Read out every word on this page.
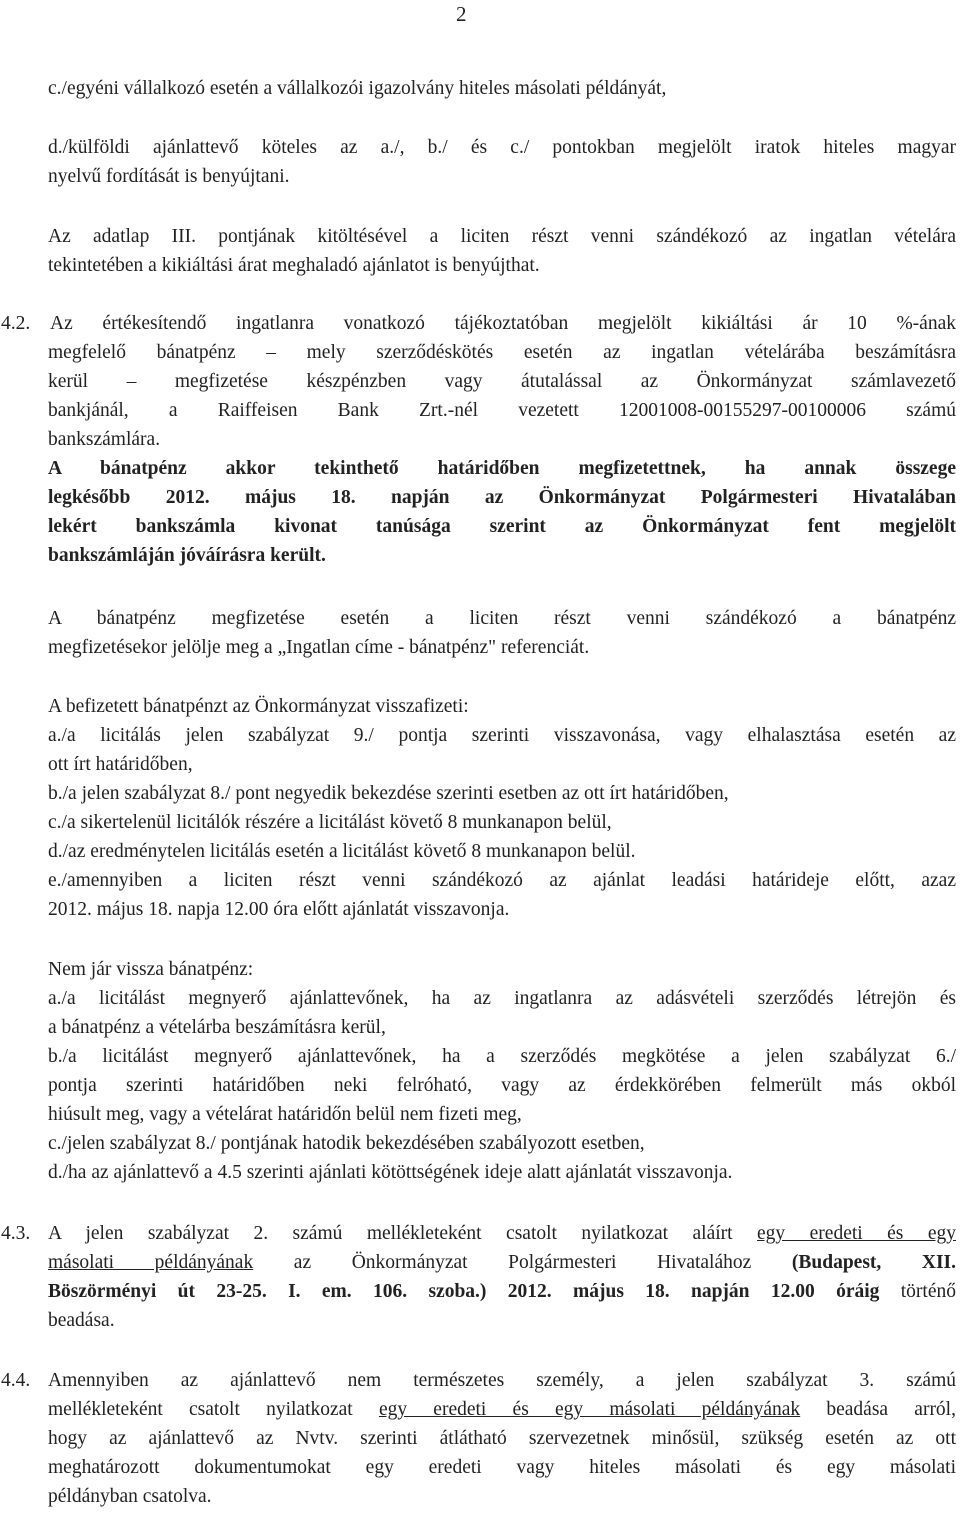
2
c./egyéni vállalkozó esetén a vállalkozói igazolvány hiteles másolati példányát,
d./külföldi ajánlattevő köteles az a./, b./ és c./ pontokban megjelölt iratok hiteles magyar
nyelvű fordítását is benyújtani.
Az adatlap III. pontjának kitöltésével a liciten részt venni szándékozó az ingatlan vételára
tekintetében a kikiáltási árat meghaladó ajánlatot is benyújthat.
4.2. Az értékesítendő ingatlanra vonatkozó tájékoztatóban megjelölt kikiáltási ár 10 %-ának
megfelelő bánatpénz – mely szerződéskötés esetén az ingatlan vételárába beszámításra
kerül – megfizetése készpénzben vagy átutalással az Önkormányzat számlavezető
bankjánál, a Raiffeisen Bank Zrt.-nél vezetett 12001008-00155297-00100006 számú
bankszámlára.
A bánatpénz akkor tekinthető határidőben megfizetettnek, ha annak összege
legkésőbb 2012. május 18. napján az Önkormányzat Polgármesteri Hivatalában
lekért bankszámla kivonat tanúsága szerint az Önkormányzat fent megjelölt
bankszámláján jóváírásra került.
A bánatpénz megfizetése esetén a liciten részt venni szándékozó a bánatpénz
megfizetésekor jelölje meg a „Ingatlan címe - bánatpénz" referenciát.
A befizetett bánatpénzt az Önkormányzat visszafizeti:
a./a licitálás jelen szabályzat 9./ pontja szerinti visszavonása, vagy elhalasztása esetén az
ott írt határidőben,
b./a jelen szabályzat 8./ pont negyedik bekezdése szerinti esetben az ott írt határidőben,
c./a sikertelenül licitálók részére a licitálást követő 8 munkanapon belül,
d./az eredménytelen licitálás esetén a licitálást követő 8 munkanapon belül.
e./amennyiben a liciten részt venni szándékozó az ajánlat leadási határideje előtt, azaz
2012. május 18. napja 12.00 óra előtt ajánlatát visszavonja.
Nem jár vissza bánatpénz:
a./a licitálást megnyerő ajánlattevőnek, ha az ingatlanra az adásvételi szerződés létrejön és
a bánatpénz a vételárba beszámításra kerül,
b./a licitálást megnyerő ajánlattevőnek, ha a szerződés megkötése a jelen szabályzat 6./
pontja szerinti határidőben neki felróható, vagy az érdekkörében felmerült más okból
hiúsult meg, vagy a vételárat határidőn belül nem fizeti meg,
c./jelen szabályzat 8./ pontjának hatodik bekezdésében szabályozott esetben,
d./ha az ajánlattevő a 4.5 szerinti ajánlati kötöttségének ideje alatt ajánlatát visszavonja.
4.3. A jelen szabályzat 2. számú mellékleteként csatolt nyilatkozat aláírt egy eredeti és egy
másolati példányának az Önkormányzat Polgármesteri Hivatalához (Budapest, XII.
Böszörményi út 23-25. I. em. 106. szoba.) 2012. május 18. napján 12.00 óráig történő
beadása.
4.4. Amennyiben az ajánlattevő nem természetes személy, a jelen szabályzat 3. számú
mellékleteként csatolt nyilatkozat egy eredeti és egy másolati példányának beadása arról,
hogy az ajánlattevő az Nvtv. szerinti átlátható szervezetnek minősül, szükség esetén az ott
meghatározott dokumentumokat egy eredeti vagy hiteles másolati és egy másolati
példányban csatolva.
